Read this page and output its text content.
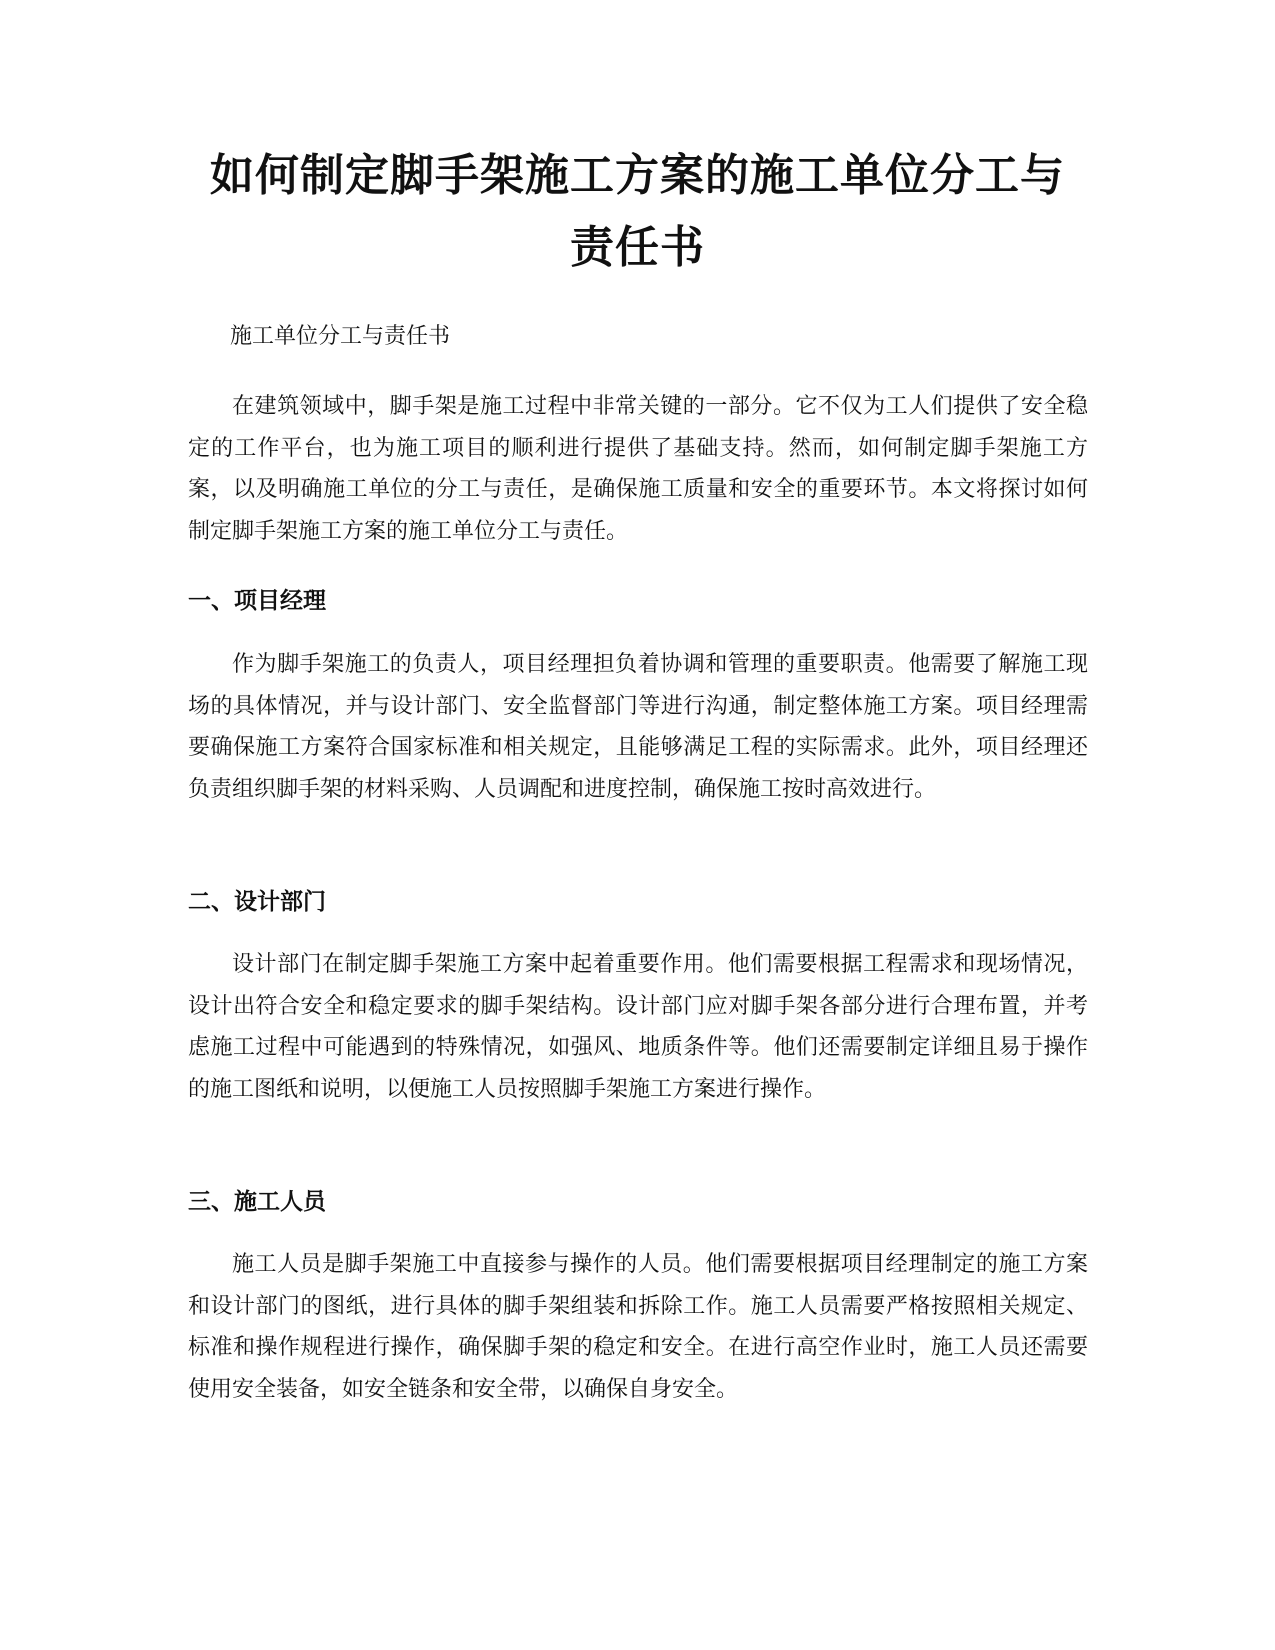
如何制定脚手架施工方案的施工单位分工与
责任书

施工单位分工与责任书

在建筑领域中，脚手架是施工过程中非常关键的一部分。它不仅为工人们提供了安全稳定的工作平台，也为施工项目的顺利进行提供了基础支持。然而，如何制定脚手架施工方案，以及明确施工单位的分工与责任，是确保施工质量和安全的重要环节。本文将探讨如何制定脚手架施工方案的施工单位分工与责任。

一、项目经理

作为脚手架施工的负责人，项目经理担负着协调和管理的重要职责。他需要了解施工现场的具体情况，并与设计部门、安全监督部门等进行沟通，制定整体施工方案。项目经理需要确保施工方案符合国家标准和相关规定，且能够满足工程的实际需求。此外，项目经理还负责组织脚手架的材料采购、人员调配和进度控制，确保施工按时高效进行。

二、设计部门

设计部门在制定脚手架施工方案中起着重要作用。他们需要根据工程需求和现场情况，设计出符合安全和稳定要求的脚手架结构。设计部门应对脚手架各部分进行合理布置，并考虑施工过程中可能遇到的特殊情况，如强风、地质条件等。他们还需要制定详细且易于操作的施工图纸和说明，以便施工人员按照脚手架施工方案进行操作。

三、施工人员

施工人员是脚手架施工中直接参与操作的人员。他们需要根据项目经理制定的施工方案和设计部门的图纸，进行具体的脚手架组装和拆除工作。施工人员需要严格按照相关规定、标准和操作规程进行操作，确保脚手架的稳定和安全。在进行高空作业时，施工人员还需要使用安全装备，如安全链条和安全带，以确保自身安全。
